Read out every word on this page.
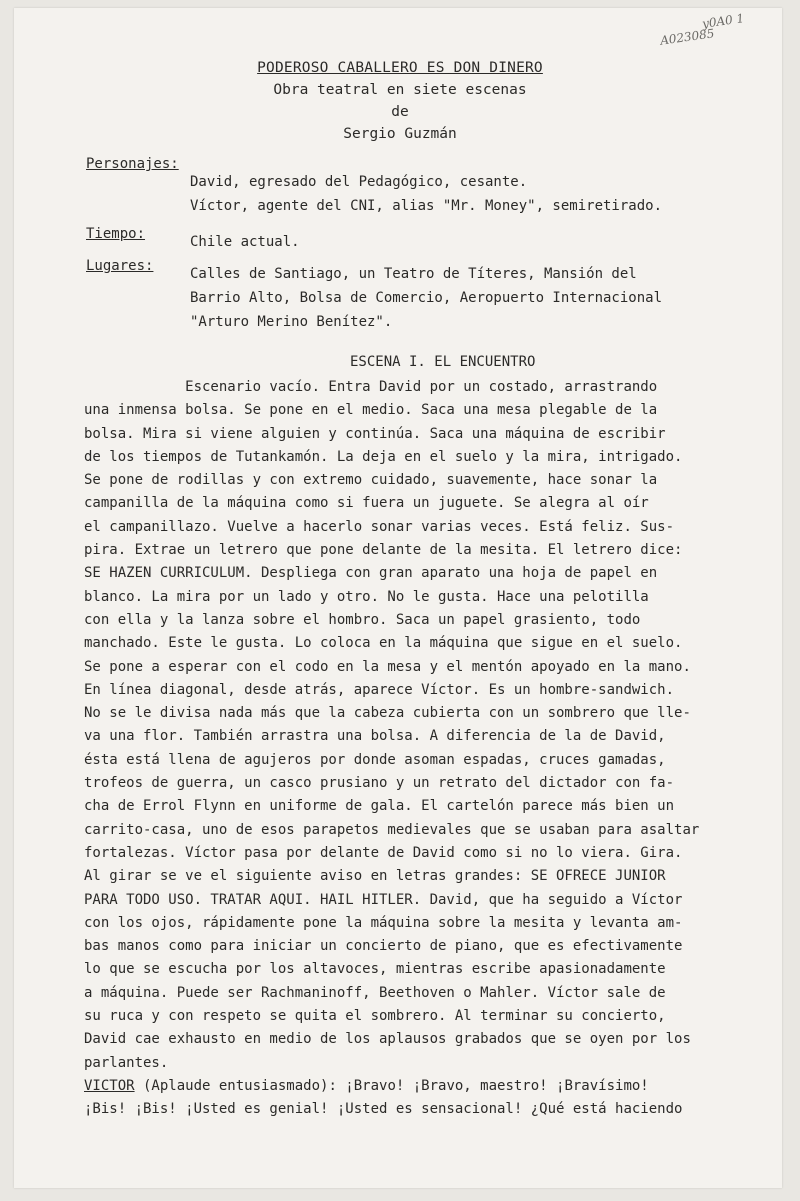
y0A0 1
A023085
PODEROSO CABALLERO ES DON DINERO
Obra teatral en siete escenas
de
Sergio Guzmán
Personajes:
David, egresado del Pedagógico, cesante.
Víctor, agente del CNI, alias "Mr. Money", semiretirado.
Tiempo:	Chile actual.
Lugares:	Calles de Santiago, un Teatro de Títeres, Mansión del
Barrio Alto, Bolsa de Comercio, Aeropuerto Internacional
"Arturo Merino Benítez".
ESCENA I. EL ENCUENTRO
Escenario vacío. Entra David por un costado, arrastrando
una inmensa bolsa. Se pone en el medio. Saca una mesa plegable de la
bolsa. Mira si viene alguien y continúa. Saca una máquina de escribir
de los tiempos de Tutankamón. La deja en el suelo y la mira, intrigado.
Se pone de rodillas y con extremo cuidado, suavemente, hace sonar la
campanilla de la máquina como si fuera un juguete. Se alegra al oír
el campanillazo. Vuelve a hacerlo sonar varias veces. Está feliz. Sus-
pira. Extrae un letrero que pone delante de la mesita. El letrero dice:
SE HAZEN CURRICULUM. Despliega con gran aparato una hoja de papel en
blanco. La mira por un lado y otro. No le gusta. Hace una pelotilla
con ella y la lanza sobre el hombro. Saca un papel grasiento, todo
manchado. Este le gusta. Lo coloca en la máquina que sigue en el suelo.
Se pone a esperar con el codo en la mesa y el mentón apoyado en la mano.
En línea diagonal, desde atrás, aparece Víctor. Es un hombre-sandwich.
No se le divisa nada más que la cabeza cubierta con un sombrero que lle-
va una flor. También arrastra una bolsa. A diferencia de la de David,
ésta está llena de agujeros por donde asoman espadas, cruces gamadas,
trofeos de guerra, un casco prusiano y un retrato del dictador con fa-
cha de Errol Flynn en uniforme de gala. El cartelón parece más bien un
carrito-casa, uno de esos parapetos medievales que se usaban para asaltar
fortalezas. Víctor pasa por delante de David como si no lo viera. Gira.
Al girar se ve el siguiente aviso en letras grandes: SE OFRECE JUNIOR
PARA TODO USO. TRATAR AQUI. HAIL HITLER. David, que ha seguido a Víctor
con los ojos, rápidamente pone la máquina sobre la mesita y levanta am-
bas manos como para iniciar un concierto de piano, que es efectivamente
lo que se escucha por los altavoces, mientras escribe apasionadamente
a máquina. Puede ser Rachmaninoff, Beethoven o Mahler. Víctor sale de
su ruca y con respeto se quita el sombrero. Al terminar su concierto,
David cae exhausto en medio de los aplausos grabados que se oyen por los
parlantes.
VICTOR (Aplaude entusiasmado): ¡Bravo! ¡Bravo, maestro! ¡Bravísimo!
¡Bis! ¡Bis! ¡Usted es genial! ¡Usted es sensacional! ¿Qué está haciendo
